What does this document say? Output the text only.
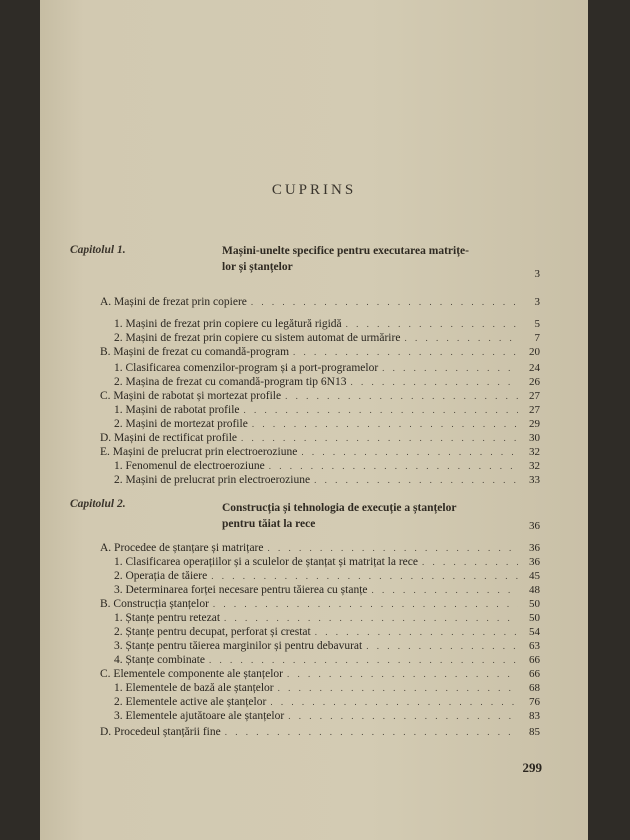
CUPRINS
Capitolul 1.	Mașini-unelte specifice pentru executarea matrițe-
lor și ștanțelor
3
A. Mașini de frezat prin copiere . . .	3
1. Mașini de frezat prin copiere cu legătură rigidă . . .	5
2. Mașini de frezat prin copiere cu sistem automat de urmărire . . .	7
B. Mașini de frezat cu comandă-program . . .	20
1. Clasificarea comenzilor-program și a port-programelor . . .	24
2. Mașina de frezat cu comandă-program tip 6N13 . . .	26
C. Mașini de rabotat și mortezat profile . . .	27
1. Mașini de rabotat profile . . .	27
2. Mașini de mortezat profile . . .	29
D. Mașini de rectificat profile . . .	30
E. Mașini de prelucrat prin electroeroziune . . .	32
1. Fenomenul de electroeroziune . . .	32
2. Mașini de prelucrat prin electroeroziune . . .	33
Capitolul 2.	Construcția și tehnologia de execuție a ștanțelor
pentru tăiat la rece	36
A. Procedee de ștanțare și matrițare . . .	36
1. Clasificarea operațiilor și a sculelor de ștanțat și matrițat la rece . . .	36
2. Operația de tăiere . . .	45
3. Determinarea forței necesare pentru tăierea cu ștanțe . . .	48
B. Construcția ștanțelor . . .	50
1. Ștanțe pentru retezat . . .	50
2. Ștanțe pentru decupat, perforat și crestat . . .	54
3. Ștanțe pentru tăierea marginilor și pentru debavurat . . .	63
4. Ștanțe combinate . . .	66
C. Elementele componente ale ștanțelor . . .	66
1. Elementele de bază ale ștanțelor . . .	68
2. Elementele active ale ștanțelor . . .	76
3. Elementele ajutătoare ale ștanțelor . . .	83
D. Procedeul ștanțării fine . . .	85
299
